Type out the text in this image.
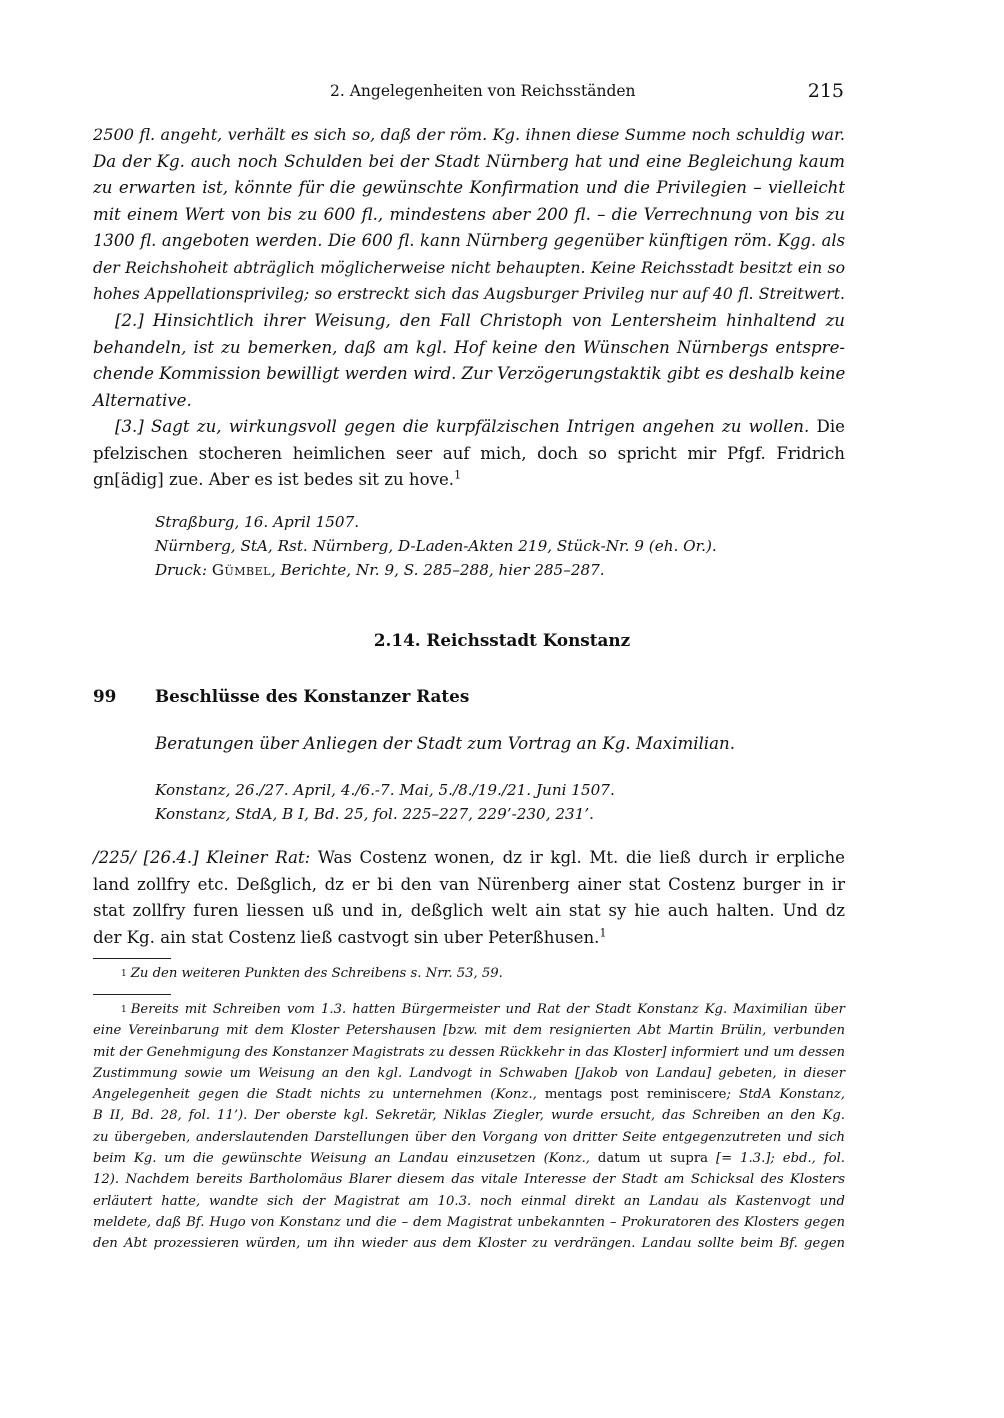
2. Angelegenheiten von Reichsständen	215
2500 fl. angeht, verhält es sich so, daß der röm. Kg. ihnen diese Summe noch schuldig war.
Da der Kg. auch noch Schulden bei der Stadt Nürnberg hat und eine Begleichung kaum
zu erwarten ist, könnte für die gewünschte Konfirmation und die Privilegien – vielleicht
mit einem Wert von bis zu 600 fl., mindestens aber 200 fl. – die Verrechnung von bis zu
1300 fl. angeboten werden. Die 600 fl. kann Nürnberg gegenüber künftigen röm. Kgg. als
der Reichshoheit abträglich möglicherweise nicht behaupten. Keine Reichsstadt besitzt ein so
hohes Appellationsprivileg; so erstreckt sich das Augsburger Privileg nur auf 40 fl. Streitwert.
[2.] Hinsichtlich ihrer Weisung, den Fall Christoph von Lentersheim hinhaltend zu
behandeln, ist zu bemerken, daß am kgl. Hof keine den Wünschen Nürnbergs entspre-
chende Kommission bewilligt werden wird. Zur Verzögerungstaktik gibt es deshalb keine
Alternative.
[3.] Sagt zu, wirkungsvoll gegen die kurpfälzischen Intrigen angehen zu wollen. Die
pfelzischen stocheren heimlichen seer auf mich, doch so spricht mir Pfgf. Fridrich
gn[ädig] zue. Aber es ist bedes sit zu hove.$^1$
Straßburg, 16. April 1507.
Nürnberg, StA, Rst. Nürnberg, D-Laden-Akten 219, Stück-Nr. 9 (eh. Or.).
Druck: Gümbel, Berichte, Nr. 9, S. 285–288, hier 285–287.
2.14. Reichsstadt Konstanz
99 Beschlüsse des Konstanzer Rates
Beratungen über Anliegen der Stadt zum Vortrag an Kg. Maximilian.
Konstanz, 26./27. April, 4./6.-7. Mai, 5./8./19./21. Juni 1507.
Konstanz, StdA, B I, Bd. 25, fol. 225–227, 229’-230, 231’.
/225/ [26.4.] Kleiner Rat: Was Costenz wonen, dz ir kgl. Mt. die ließ durch ir erpliche
land zollfry etc. Deßglich, dz er bi den van Nürenberg ainer stat Costenz burger in ir
stat zollfry furen liessen uß und in, deßglich welt ain stat sy hie auch halten. Und dz
der Kg. ain stat Costenz ließ castvogt sin uber Peterßhusen.$^1$
$^1$ Zu den weiteren Punkten des Schreibens s. Nrr. 53, 59.
$^1$ Bereits mit Schreiben vom 1.3. hatten Bürgermeister und Rat der Stadt Konstanz Kg. Maximilian über
eine Vereinbarung mit dem Kloster Petershausen [bzw. mit dem resignierten Abt Martin Brülin, verbunden
mit der Genehmigung des Konstanzer Magistrats zu dessen Rückkehr in das Kloster] informiert und um dessen
Zustimmung sowie um Weisung an den kgl. Landvogt in Schwaben [Jakob von Landau] gebeten, in dieser
Angelegenheit gegen die Stadt nichts zu unternehmen (Konz., mentags post reminiscere; StdA Konstanz,
B II, Bd. 28, fol. 11’). Der oberste kgl. Sekretär, Niklas Ziegler, wurde ersucht, das Schreiben an den Kg.
zu übergeben, anderslautenden Darstellungen über den Vorgang von dritter Seite entgegenzutreten und sich
beim Kg. um die gewünschte Weisung an Landau einzusetzen (Konz., datum ut supra [= 1.3.]; ebd., fol.
12). Nachdem bereits Bartholomäus Blarer diesem das vitale Interesse der Stadt am Schicksal des Klosters
erläutert hatte, wandte sich der Magistrat am 10.3. noch einmal direkt an Landau als Kastenvogt und
meldete, daß Bf. Hugo von Konstanz und die – dem Magistrat unbekannten – Prokuratoren des Klosters gegen
den Abt prozessieren würden, um ihn wieder aus dem Kloster zu verdrängen. Landau sollte beim Bf. gegen
